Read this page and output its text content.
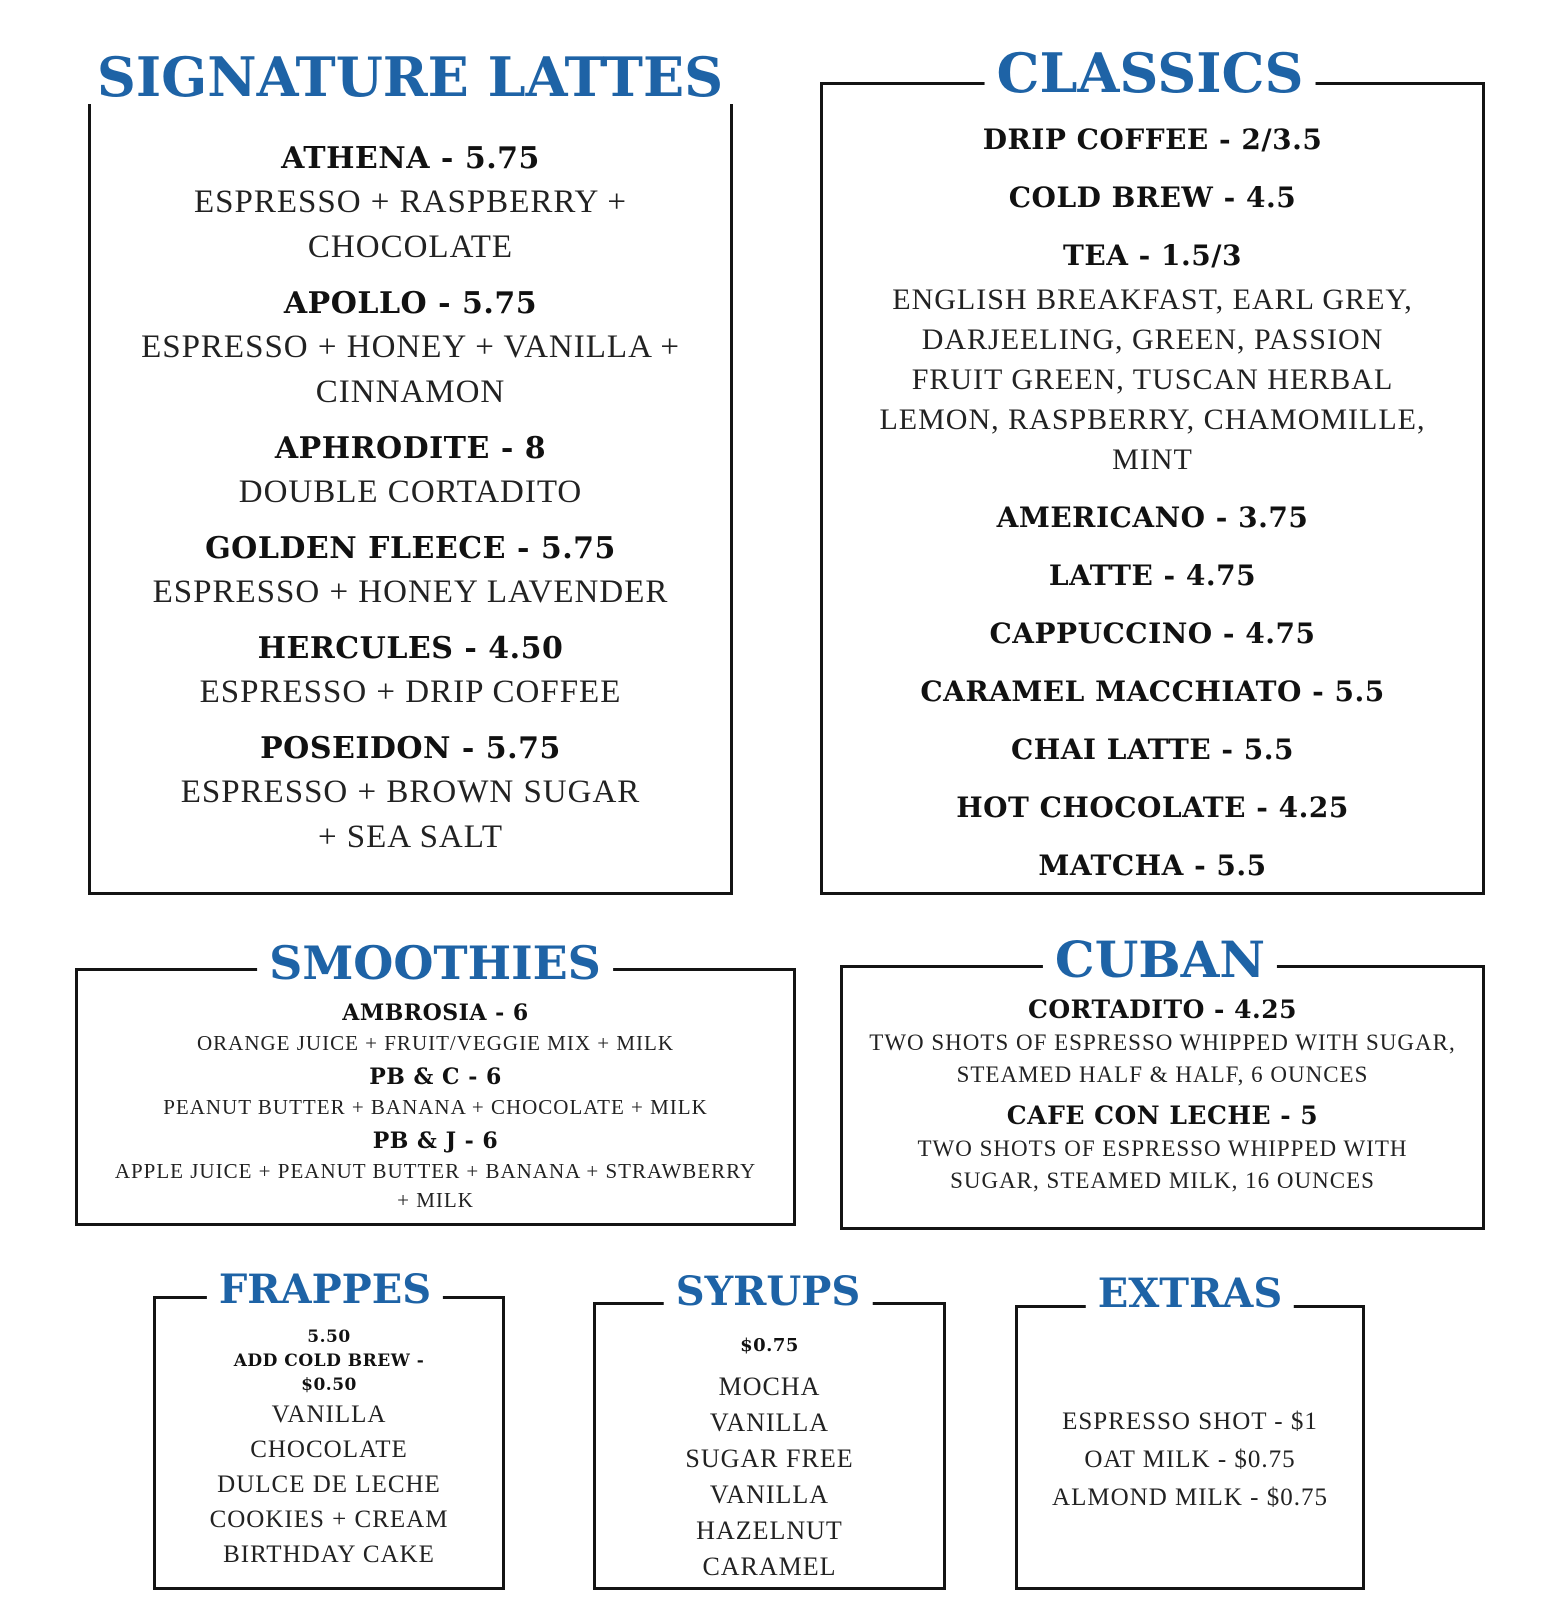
ATHENA - 5.75
ESPRESSO + RASPBERRY + CHOCOLATE
APOLLO - 5.75
ESPRESSO + HONEY + VANILLA + CINNAMON
APHRODITE - 8
DOUBLE CORTADITO
GOLDEN FLEECE - 5.75
ESPRESSO + HONEY LAVENDER
HERCULES - 4.50
ESPRESSO + DRIP COFFEE
POSEIDON - 5.75
ESPRESSO + BROWN SUGAR + SEA SALT
SIGNATURE LATTES
DRIP COFFEE - 2/3.5
COLD BREW - 4.5
TEA - 1.5/3
ENGLISH BREAKFAST, EARL GREY, DARJEELING, GREEN, PASSION FRUIT GREEN, TUSCAN HERBAL LEMON, RASPBERRY, CHAMOMILLE, MINT
AMERICANO - 3.75
LATTE - 4.75
CAPPUCCINO - 4.75
CARAMEL MACCHIATO - 5.5
CHAI LATTE - 5.5
HOT CHOCOLATE - 4.25
MATCHA - 5.5
CLASSICS
AMBROSIA - 6
ORANGE JUICE + FRUIT/VEGGIE MIX + MILK
PB & C - 6
PEANUT BUTTER + BANANA + CHOCOLATE + MILK
PB & J - 6
APPLE JUICE + PEANUT BUTTER + BANANA + STRAWBERRY + MILK
SMOOTHIES
CORTADITO - 4.25
TWO SHOTS OF ESPRESSO WHIPPED WITH SUGAR, STEAMED HALF & HALF, 6 OUNCES
CAFE CON LECHE - 5
TWO SHOTS OF ESPRESSO WHIPPED WITH SUGAR, STEAMED MILK, 16 OUNCES
CUBAN
5.50
ADD COLD BREW - $0.50
VANILLA
CHOCOLATE
DULCE DE LECHE
COOKIES + CREAM
BIRTHDAY CAKE
FRAPPES
$0.75
MOCHA
VANILLA
SUGAR FREE VANILLA
HAZELNUT
CARAMEL
SYRUPS
ESPRESSO SHOT - $1
OAT MILK - $0.75
ALMOND MILK - $0.75
EXTRAS
